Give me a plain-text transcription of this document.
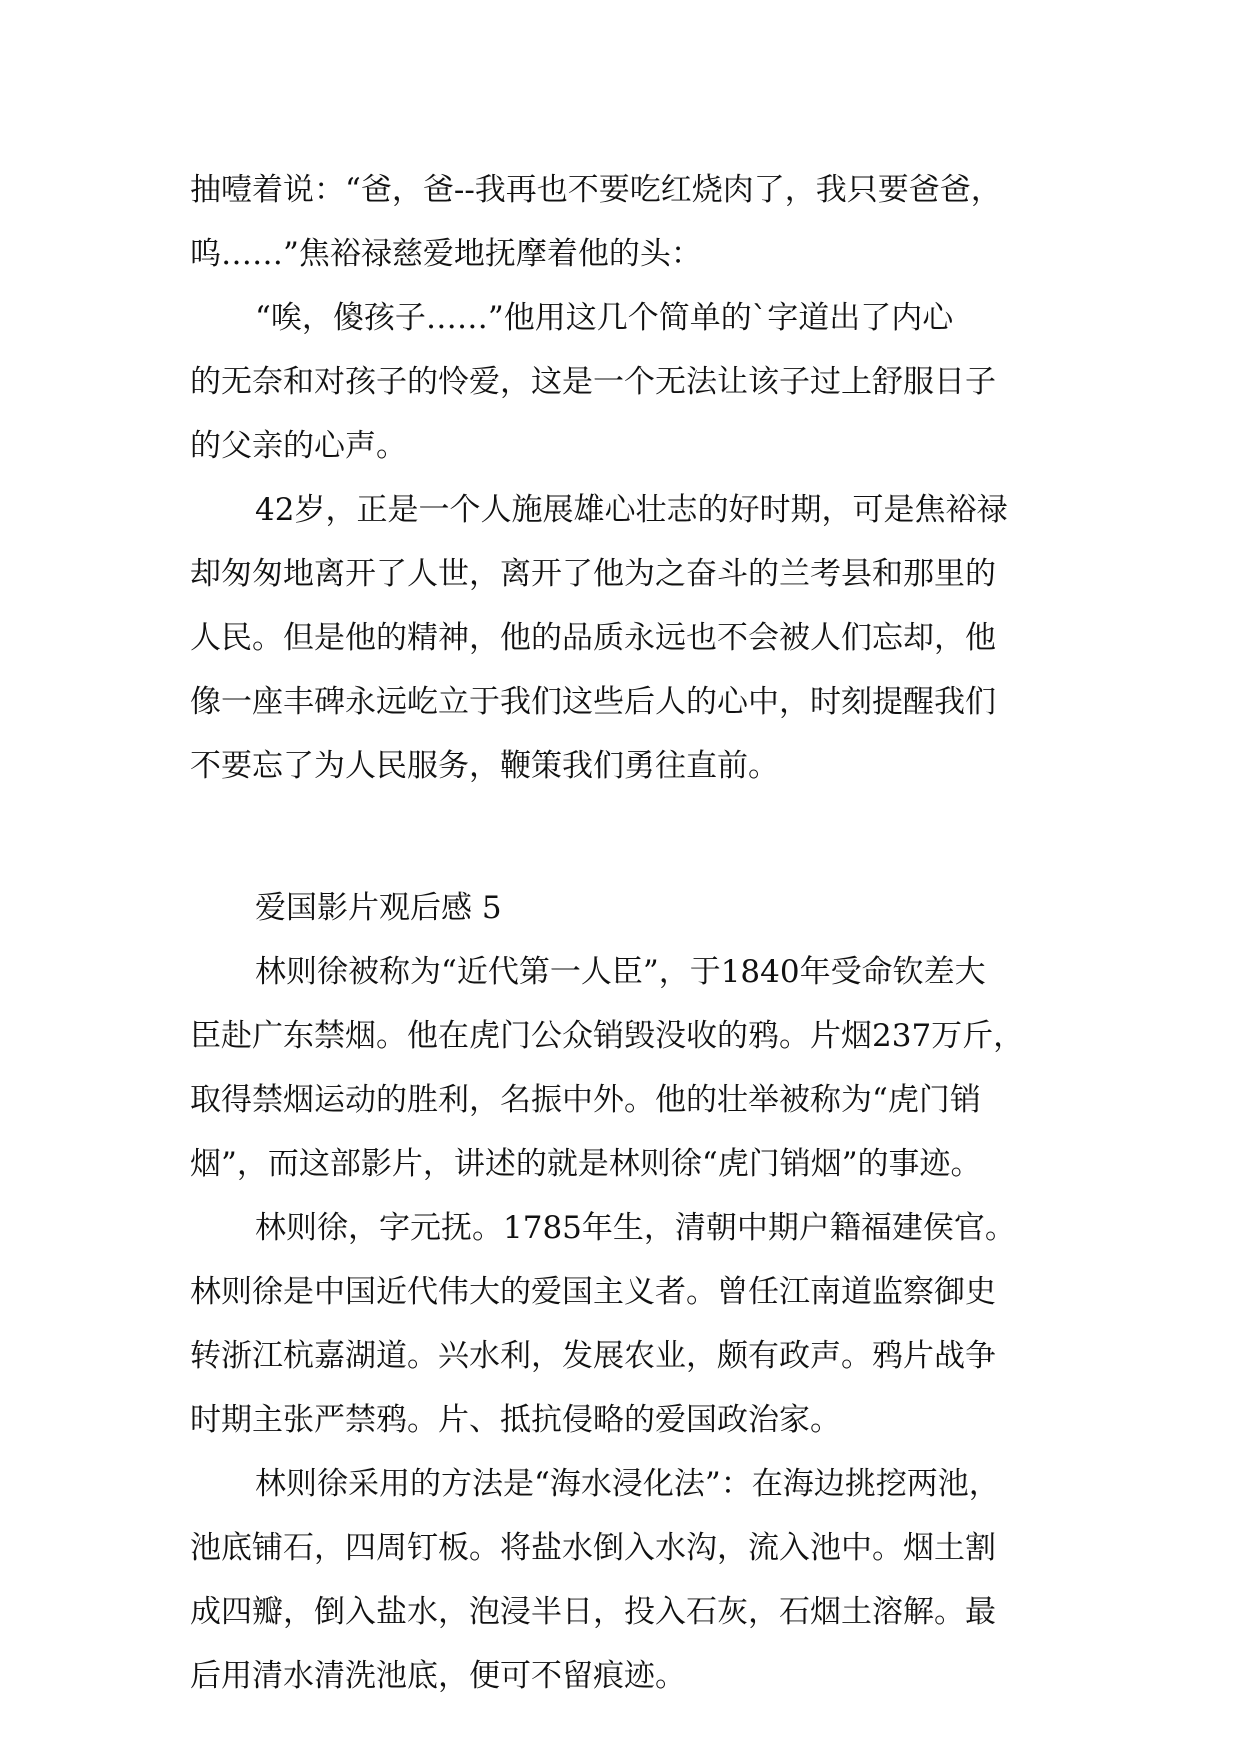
抽噎着说：“爸，爸--我再也不要吃红烧肉了，我只要爸爸，
呜……”焦裕禄慈爱地抚摩着他的头：
“唉，傻孩子……”他用这几个简单的`字道出了内心
的无奈和对孩子的怜爱，这是一个无法让该子过上舒服日子
的父亲的心声。
42岁，正是一个人施展雄心壮志的好时期，可是焦裕禄
却匆匆地离开了人世，离开了他为之奋斗的兰考县和那里的
人民。但是他的精神，他的品质永远也不会被人们忘却，他
像一座丰碑永远屹立于我们这些后人的心中，时刻提醒我们
不要忘了为人民服务，鞭策我们勇往直前。
爱国影片观后感 5
林则徐被称为“近代第一人臣”，于1840年受命钦差大
臣赴广东禁烟。他在虎门公众销毁没收的鸦。片烟237万斤，
取得禁烟运动的胜利，名振中外。他的壮举被称为“虎门销
烟”，而这部影片，讲述的就是林则徐“虎门销烟”的事迹。
林则徐，字元抚。1785年生，清朝中期户籍福建侯官。
林则徐是中国近代伟大的爱国主义者。曾任江南道监察御史
转浙江杭嘉湖道。兴水利，发展农业，颇有政声。鸦片战争
时期主张严禁鸦。片、抵抗侵略的爱国政治家。
林则徐采用的方法是“海水浸化法”：在海边挑挖两池，
池底铺石，四周钉板。将盐水倒入水沟，流入池中。烟土割
成四瓣，倒入盐水，泡浸半日，投入石灰，石烟土溶解。最
后用清水清洗池底，便可不留痕迹。
